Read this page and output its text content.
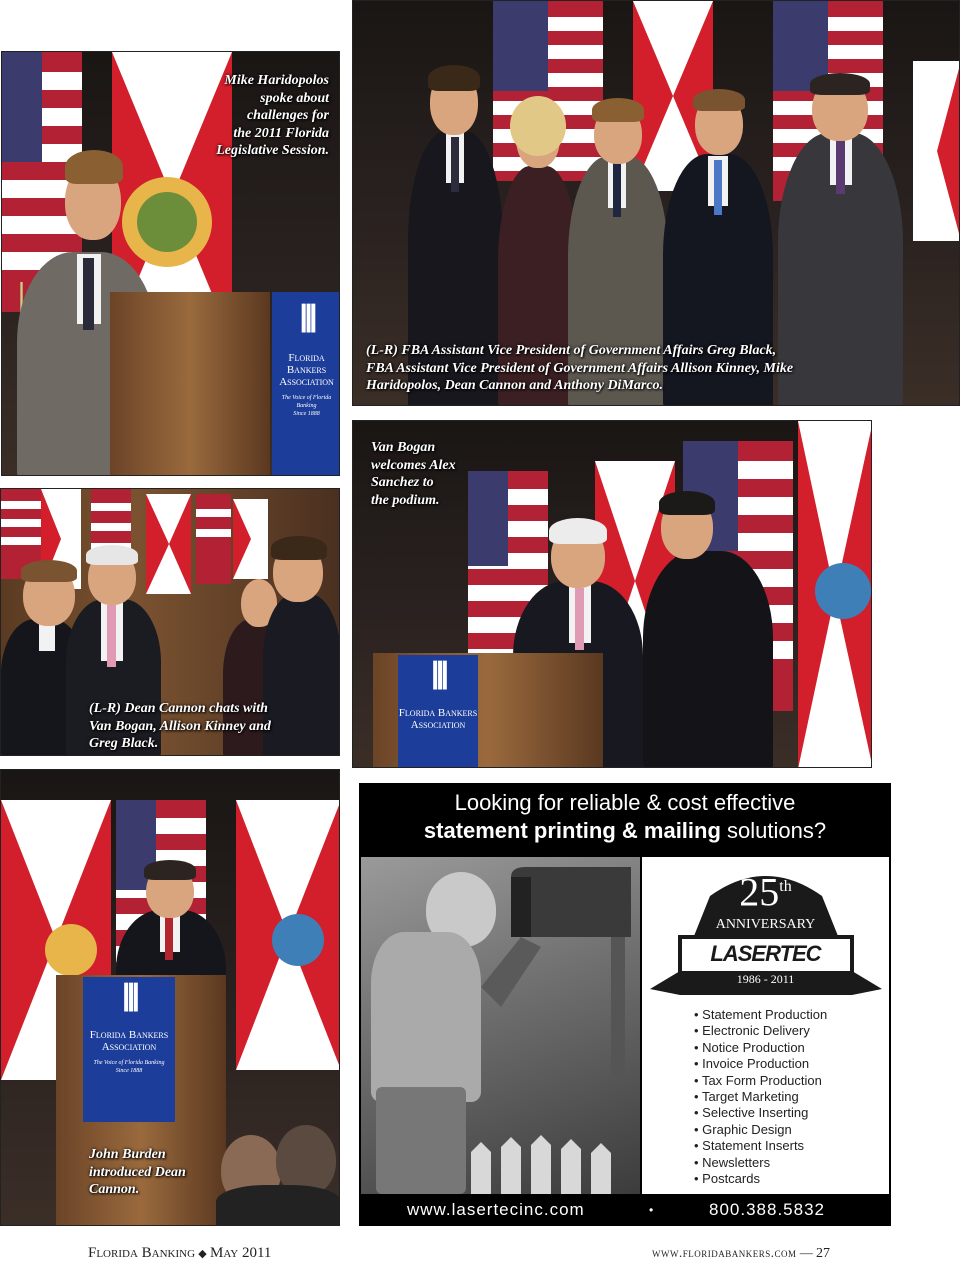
ꟾꟾꟾ
Florida Bankers
Association
The Voice of Florida Banking
Since 1888
Mike Haridopolos
spoke about
challenges for
the 2011 Florida
Legislative Session.
(L-R) FBA Assistant Vice President of Government Affairs Greg Black,
FBA Assistant Vice President of Government Affairs Allison Kinney, Mike
Haridopolos, Dean Cannon and Anthony DiMarco.
(L-R) Dean Cannon chats with
Van Bogan, Allison Kinney and
Greg Black.
ꟾꟾꟾ
Florida Bankers
Association
Van Bogan
welcomes Alex
Sanchez to
the podium.
ꟾꟾꟾ
Florida Bankers
Association
The Voice of Florida Banking
Since 1888
John Burden
introduced Dean
Cannon.
Looking for reliable & cost effective
statement printing & mailing solutions?
25th
ANNIVERSARY
LASERTEC
1986 - 2011
• Statement Production
• Electronic Delivery
• Notice Production
• Invoice Production
• Tax Form Production
• Target Marketing
• Selective Inserting
• Graphic Design
• Statement Inserts
• Newsletters
• Postcards
www.lasertecinc.com	•	800.388.5832
Florida Banking ◆ May 2011	www.floridabankers.com — 27
